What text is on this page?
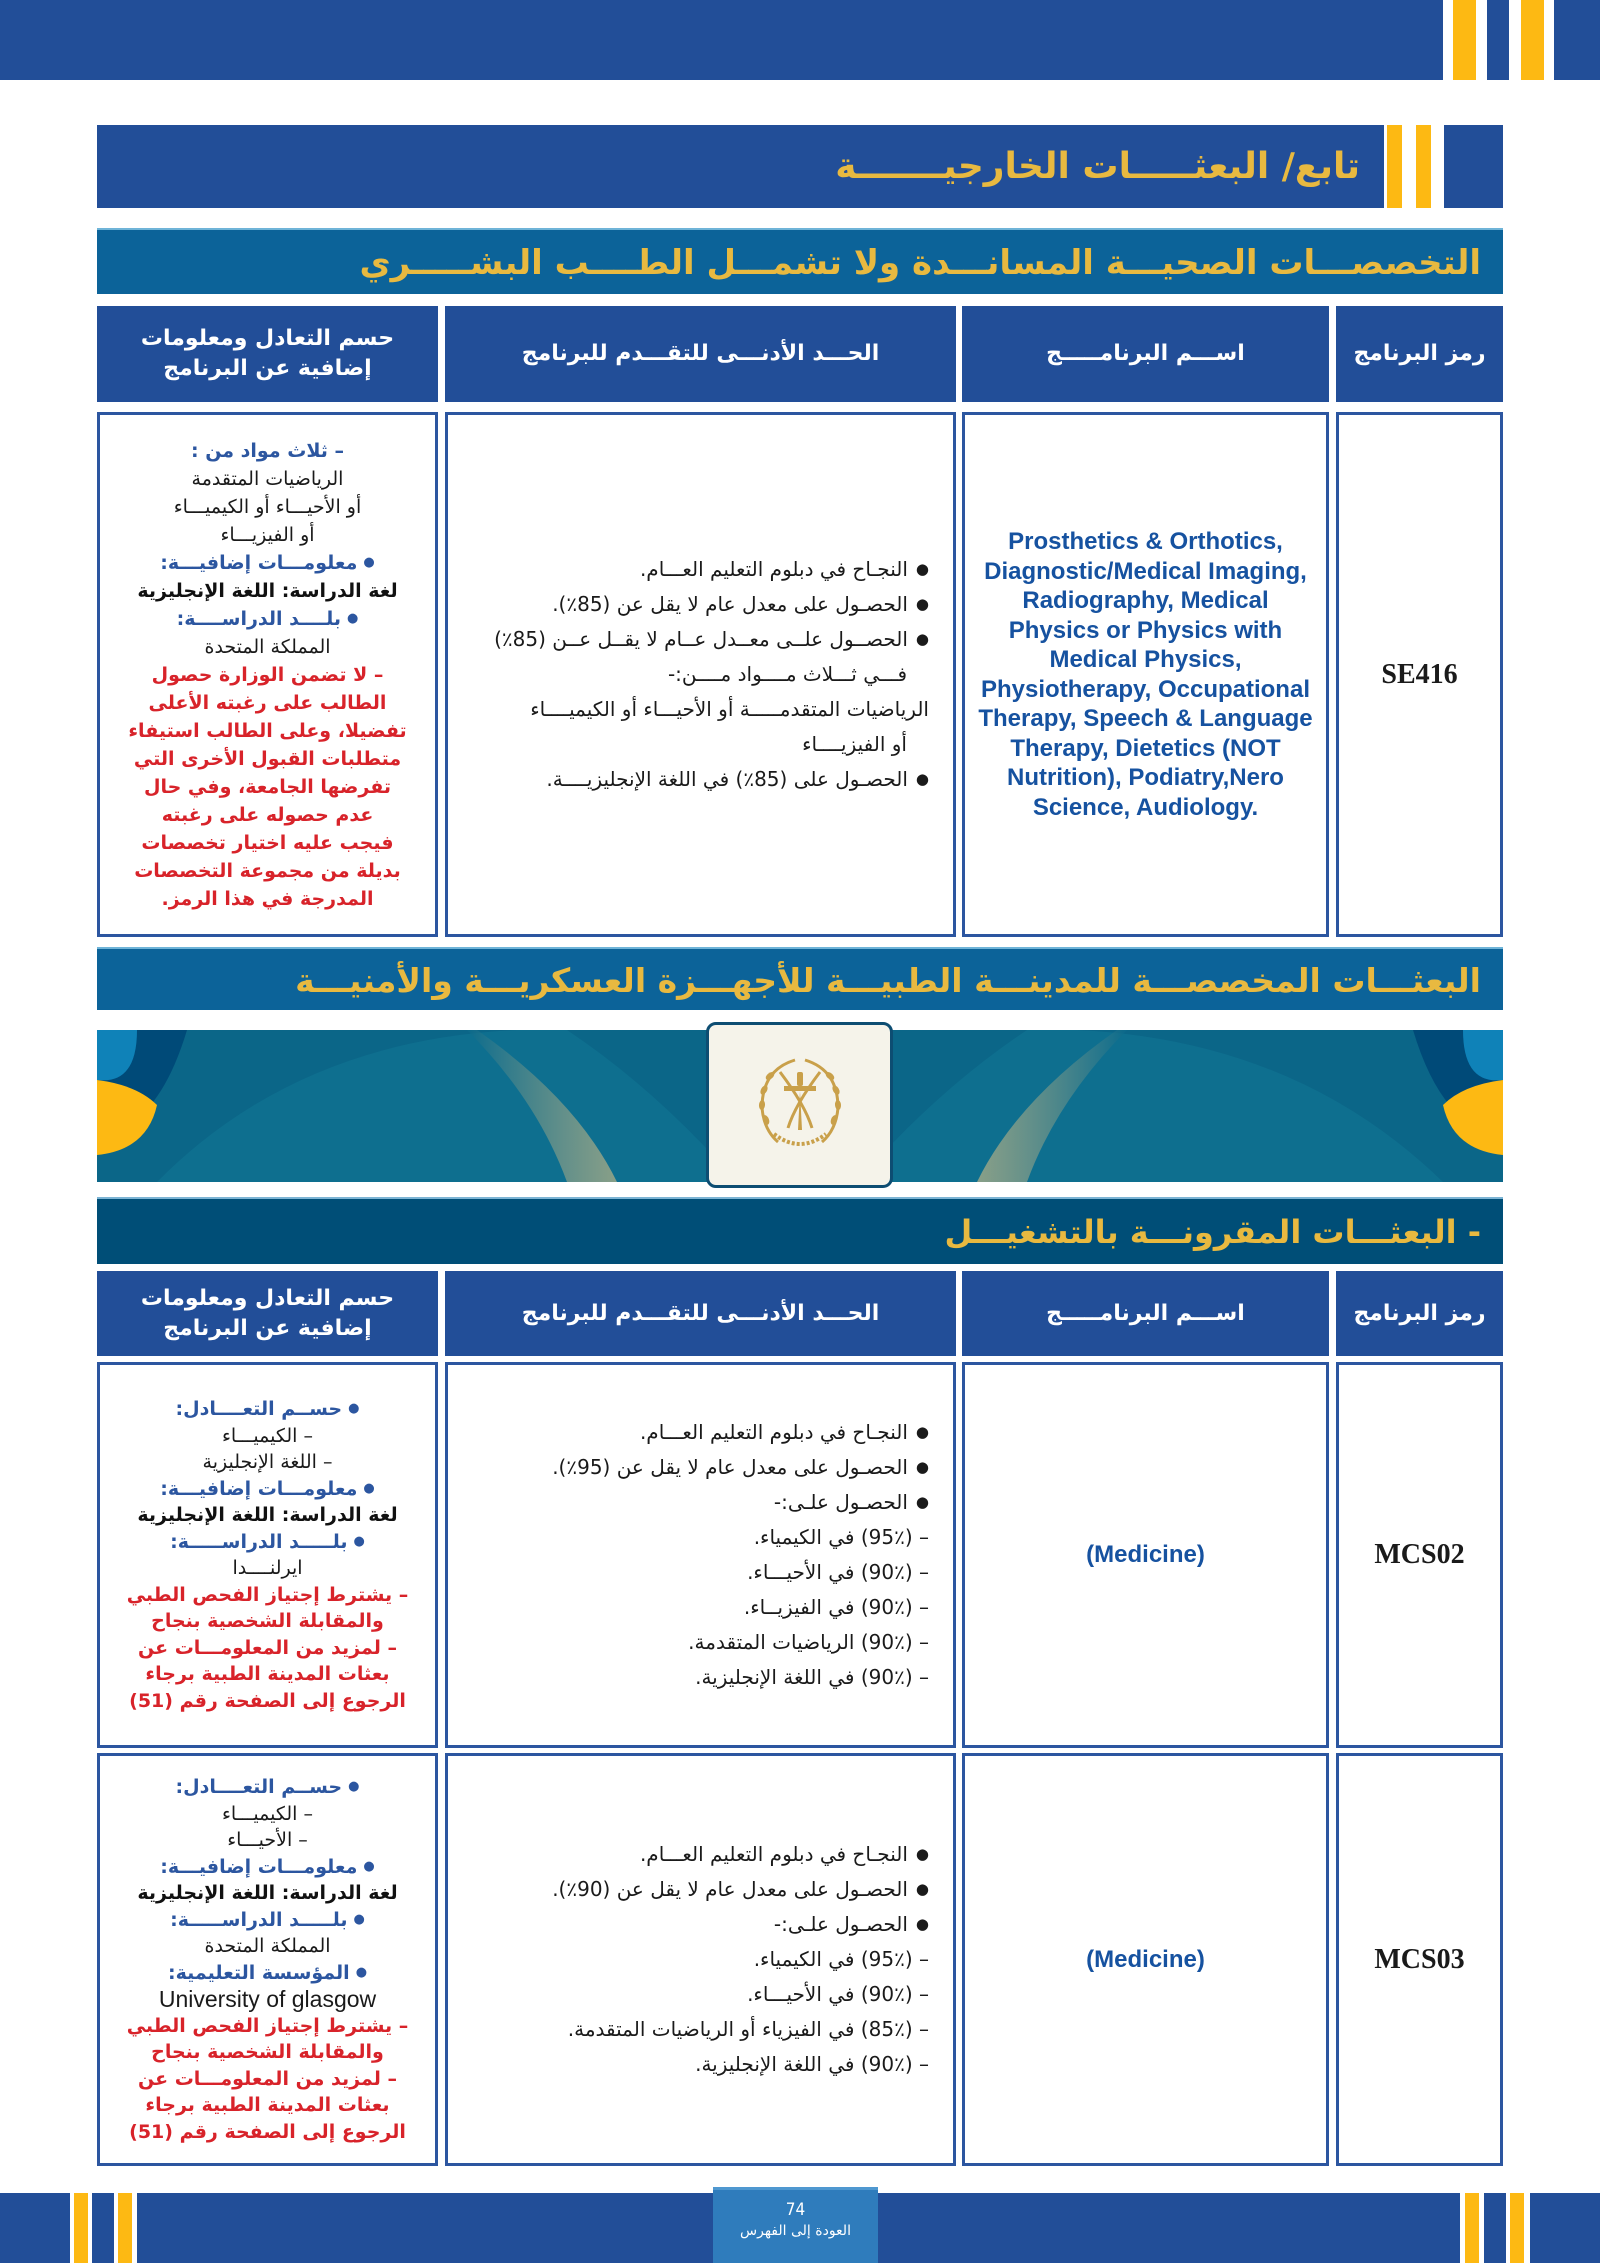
تابع/ البعثـــــات الخارجيـــــــة
التخصصـــات الصحيـــة المسانـــدة ولا تشمـــل الطــــب البشـــــري
رمز البرنامج
اســـم البرنامـــــج
الحـــد الأدنـــى للتقـــدم للبرنامج
حسم التعادل ومعلومات إضافية عن البرنامج
SE416
Prosthetics & Orthotics, Diagnostic/Medical Imaging, Radiography, Medical Physics or Physics with Medical Physics, Physiotherapy, Occupational Therapy, Speech & Language Therapy, Dietetics (NOT Nutrition), Podiatry,Nero Science, Audiology.
● النجـاح في دبلوم التعليم العـــام.
● الحصـول على معدل عام لا يقل عن (85٪).
● الحصــول علــى معــدل عــام لا يقــل عــن (85٪)
فـــي ثـــلاث مــــواد مــــن:-
الرياضيات المتقدمـــــة أو الأحيـــاء أو الكيميــــاء
أو الفيزيــــاء
● الحصـول على (85٪) في اللغة الإنجليزيــــة.
– ثلاث مواد من :
الرياضيات المتقدمة
أو الأحيـــاء أو الكيميـــاء
أو الفيزيـــاء
● معلومـــات إضافيـــة:
لغة الدراسة: اللغة الإنجليزية
● بلــــد الدراســــة:
المملكة المتحدة
– لا تضمن الوزارة حصول
الطالب على رغبته الأعلى
تفضيلا، وعلى الطالب استيفاء
متطلبات القبول الأخرى التي
تفرضها الجامعة، وفي حال
عدم حصوله على رغبته
فيجب عليه اختيار تخصصات
بديلة من مجموعة التخصصات
المدرجة في هذا الرمز.
البعثـــات المخصصـــة للمدينـــة الطبيـــة للأجهـــزة العسكريـــة والأمنيـــة
- البعثـــات المقرونـــة بالتشغيـــل
رمز البرنامج
اســـم البرنامـــــج
الحـــد الأدنـــى للتقـــدم للبرنامج
حسم التعادل ومعلومات إضافية عن البرنامج
MCS02
(Medicine)
● النجـاح في دبلوم التعليم العـــام.
● الحصـول على معدل عام لا يقل عن (95٪).
● الحصـول علـى:-
– (95٪) في الكيمياء.
– (90٪) في الأحيـــاء.
– (90٪) في الفيزيــاء.
– (90٪) الرياضيات المتقدمة.
– (90٪) في اللغة الإنجليزية.
● حســم التعــــادل:
– الكيميـــاء
– اللغة الإنجليزية
● معلومـــات إضافيـــة:
لغة الدراسة: اللغة الإنجليزية
● بلـــــد الدراســـــة:
ايرلنــــدا
– يشترط إجتياز الفحص الطبي
والمقابلة الشخصية بنجاح
– لمزيد من المعلومـــات عن
بعثات المدينة الطبية برجاء
الرجوع إلى الصفحة رقم (51)
MCS03
(Medicine)
● النجـاح في دبلوم التعليم العـــام.
● الحصـول على معدل عام لا يقل عن (90٪).
● الحصـول علـى:-
– (95٪) في الكيمياء.
– (90٪) في الأحيـــاء.
– (85٪) في الفيزياء أو الرياضيات المتقدمة.
– (90٪) في اللغة الإنجليزية.
● حســم التعــــادل:
– الكيميـــاء
– الأحيـــاء
● معلومـــات إضافيـــة:
لغة الدراسة: اللغة الإنجليزية
● بلـــــد الدراســـــة:
المملكة المتحدة
● المؤسسة التعليمية:
University of glasgow
– يشترط إجتياز الفحص الطبي
والمقابلة الشخصية بنجاح
– لمزيد من المعلومـــات عن
بعثات المدينة الطبية برجاء
الرجوع إلى الصفحة رقم (51)
74
العودة إلى الفهرس
